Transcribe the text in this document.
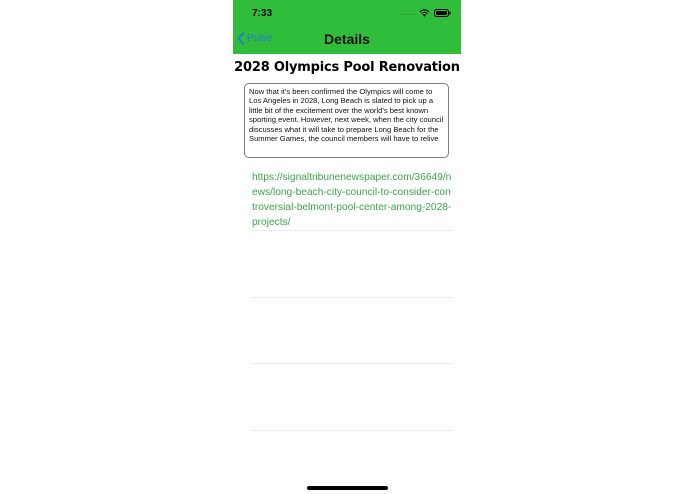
7:33	....
Pulse	Details
2028 Olympics Pool Renovation
Now that it's been confirmed the Olympics will come to Los Angeles in 2028, Long Beach is slated to pick up a little bit of the excitement over the world's best known sporting event. However, next week, when the city council discusses what it will take to prepare Long Beach for the Summer Games, the council members will have to relive
https://signaltribunenewspaper.com/36649/news/long-beach-city-council-to-consider-controversial-belmont-pool-center-among-2028-projects/
